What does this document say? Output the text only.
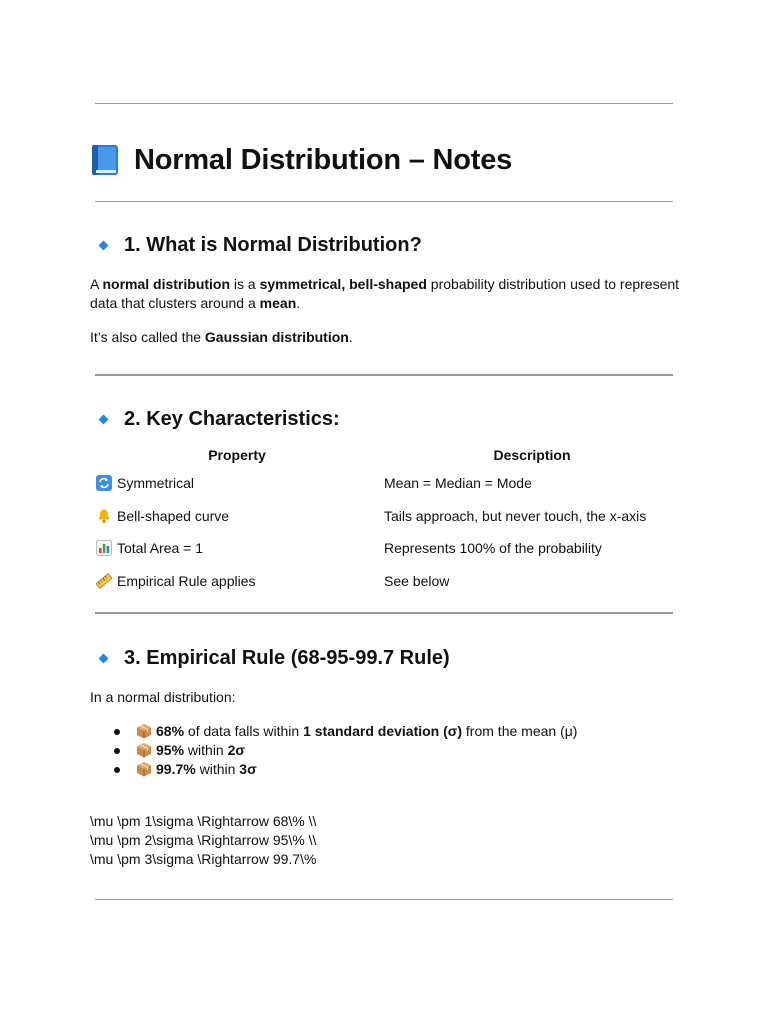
Normal Distribution – Notes
1. What is Normal Distribution?
A normal distribution is a symmetrical, bell-shaped probability distribution used to represent data that clusters around a mean.
It’s also called the Gaussian distribution.
2. Key Characteristics:
Property	Description
Symmetrical	Mean = Median = Mode
Bell-shaped curve	Tails approach, but never touch, the x-axis
Total Area = 1	Represents 100% of the probability
Empirical Rule applies	See below
3. Empirical Rule (68-95-99.7 Rule)
In a normal distribution:
68% of data falls within 1 standard deviation (σ) from the mean (μ)
95% within 2σ
99.7% within 3σ
\mu \pm 1\sigma \Rightarrow 68\% \\
\mu \pm 2\sigma \Rightarrow 95\% \\
\mu \pm 3\sigma \Rightarrow 99.7\%
